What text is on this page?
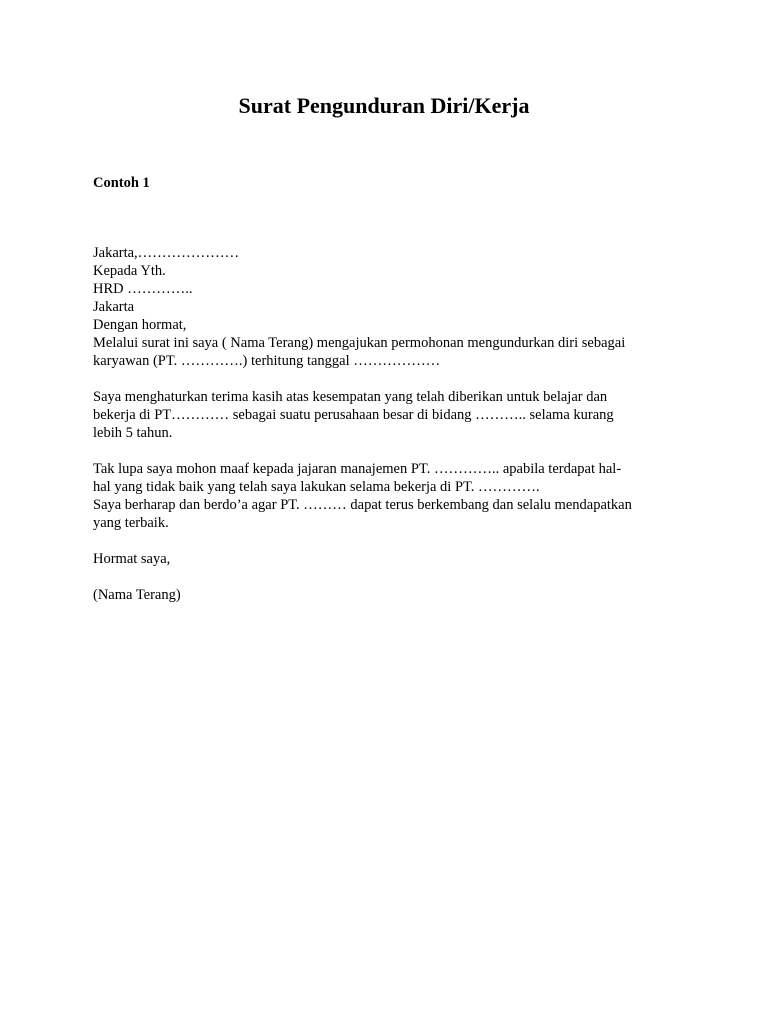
Surat Pengunduran Diri/Kerja
Contoh 1

Jakarta,…………………

Kepada Yth.

HRD …………..

Jakarta

Dengan hormat,

Melalui surat ini saya ( Nama Terang) mengajukan permohonan mengundurkan diri sebagai

karyawan (PT. ………….) terhitung tanggal ………………

Saya menghaturkan terima kasih atas kesempatan yang telah diberikan untuk belajar dan

bekerja di PT………… sebagai suatu perusahaan besar di bidang ……….. selama kurang

lebih 5 tahun.

Tak lupa saya mohon maaf kepada jajaran manajemen PT. ………….. apabila terdapat hal-

hal yang tidak baik yang telah saya lakukan selama bekerja di PT. ………….

Saya berharap dan berdo’a agar PT. ……… dapat terus berkembang dan selalu mendapatkan

yang terbaik.

Hormat saya,

(Nama Terang)
